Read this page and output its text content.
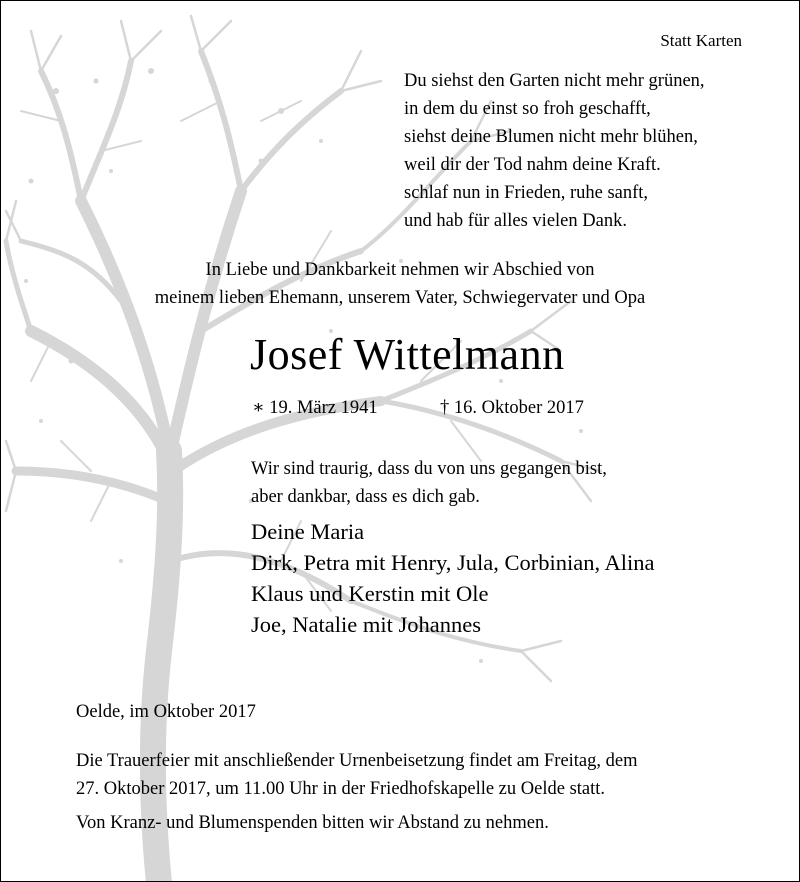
Statt Karten
Du siehst den Garten nicht mehr grünen,
in dem du einst so froh geschafft,
siehst deine Blumen nicht mehr blühen,
weil dir der Tod nahm deine Kraft.
schlaf nun in Frieden, ruhe sanft,
und hab für alles vielen Dank.
In Liebe und Dankbarkeit nehmen wir Abschied von
meinem lieben Ehemann, unserem Vater, Schwiegervater und Opa
Josef Wittelmann
∗ 19. März 1941	† 16. Oktober 2017
Wir sind traurig, dass du von uns gegangen bist,
aber dankbar, dass es dich gab.
Deine Maria
Dirk, Petra mit Henry, Jula, Corbinian, Alina
Klaus und Kerstin mit Ole
Joe, Natalie mit Johannes
Oelde, im Oktober 2017
Die Trauerfeier mit anschließender Urnenbeisetzung findet am Freitag, dem
27. Oktober 2017, um 11.00 Uhr in der Friedhofskapelle zu Oelde statt.
Von Kranz- und Blumenspenden bitten wir Abstand zu nehmen.
